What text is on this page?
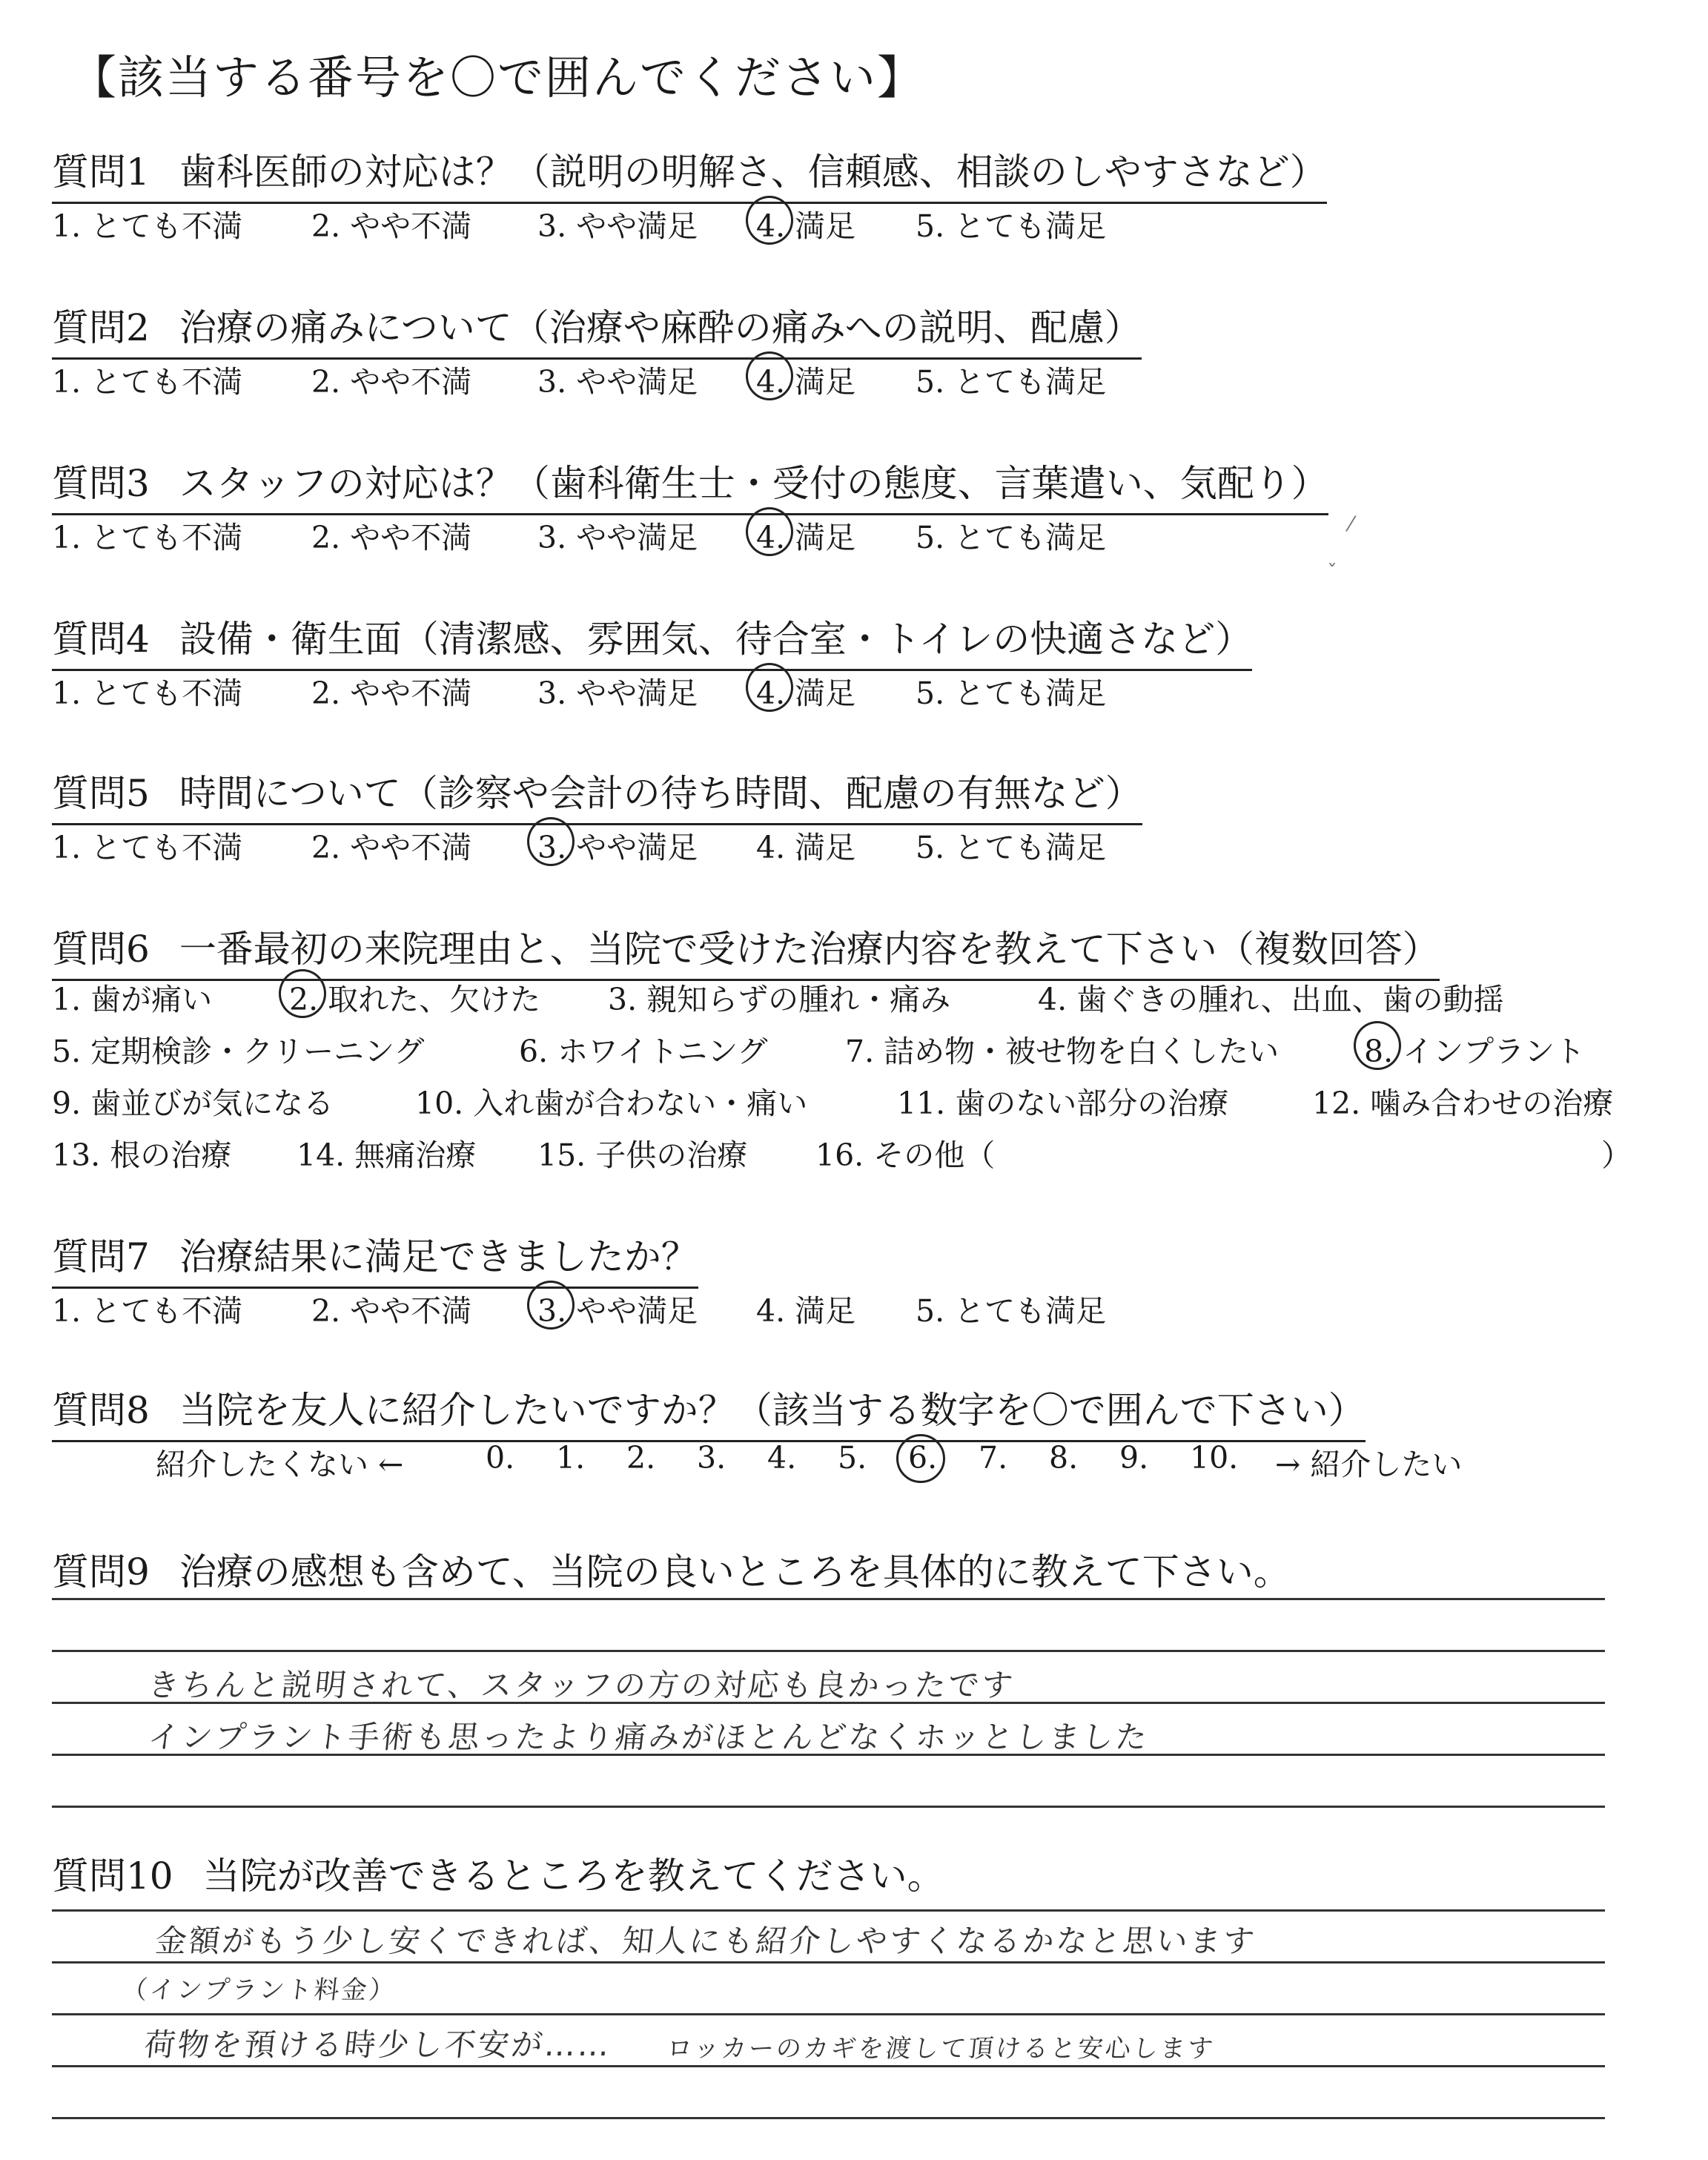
【該当する番号を〇で囲んでください】
質問1 歯科医師の対応は？（説明の明解さ、信頼感、相談のしやすさなど）
1. とても不満 2. やや不満 3. やや満足 4. 満足 5. とても満足
質問2 治療の痛みについて（治療や麻酔の痛みへの説明、配慮）
1. とても不満 2. やや不満 3. やや満足 4. 満足 5. とても満足
質問3 スタッフの対応は？（歯科衛生士・受付の態度、言葉遣い、気配り）
1. とても不満 2. やや不満 3. やや満足 4. 満足 5. とても満足	⁄
ˇ
質問4 設備・衛生面（清潔感、雰囲気、待合室・トイレの快適さなど）
1. とても不満 2. やや不満 3. やや満足 4. 満足 5. とても満足
質問5 時間について（診察や会計の待ち時間、配慮の有無など）
1. とても不満 2. やや不満 3. やや満足 4. 満足 5. とても満足
質問6 一番最初の来院理由と、当院で受けた治療内容を教えて下さい（複数回答）
1. 歯が痛い	2. 取れた、欠けた 3. 親知らずの腫れ・痛み	4. 歯ぐきの腫れ、出血、歯の動揺
5. 定期検診・クリーニング	6. ホワイトニング	7. 詰め物・被せ物を白くしたい	8. インプラント
9. 歯並びが気になる	10. 入れ歯が合わない・痛い	11. 歯のない部分の治療	12. 噛み合わせの治療
13. 根の治療 14. 無痛治療 15. 子供の治療 16. その他（	）
質問7 治療結果に満足できましたか？
1. とても不満 2. やや不満 3. やや満足 4. 満足 5. とても満足
質問8 当院を友人に紹介したいですか？（該当する数字を〇で囲んで下さい）
紹介したくない ←	0. 1. 2. 3. 4. 5. 6. 7. 8. 9. 10. → 紹介したい
質問9 治療の感想も含めて、当院の良いところを具体的に教えて下さい。
きちんと説明されて、スタッフの方の対応も良かったです
インプラント手術も思ったより痛みがほとんどなくホッとしました
質問10 当院が改善できるところを教えてください。
金額がもう少し安くできれば、知人にも紹介しやすくなるかなと思います
（インプラント料金）
荷物を預ける時少し不安が…… ロッカーのカギを渡して頂けると安心します
